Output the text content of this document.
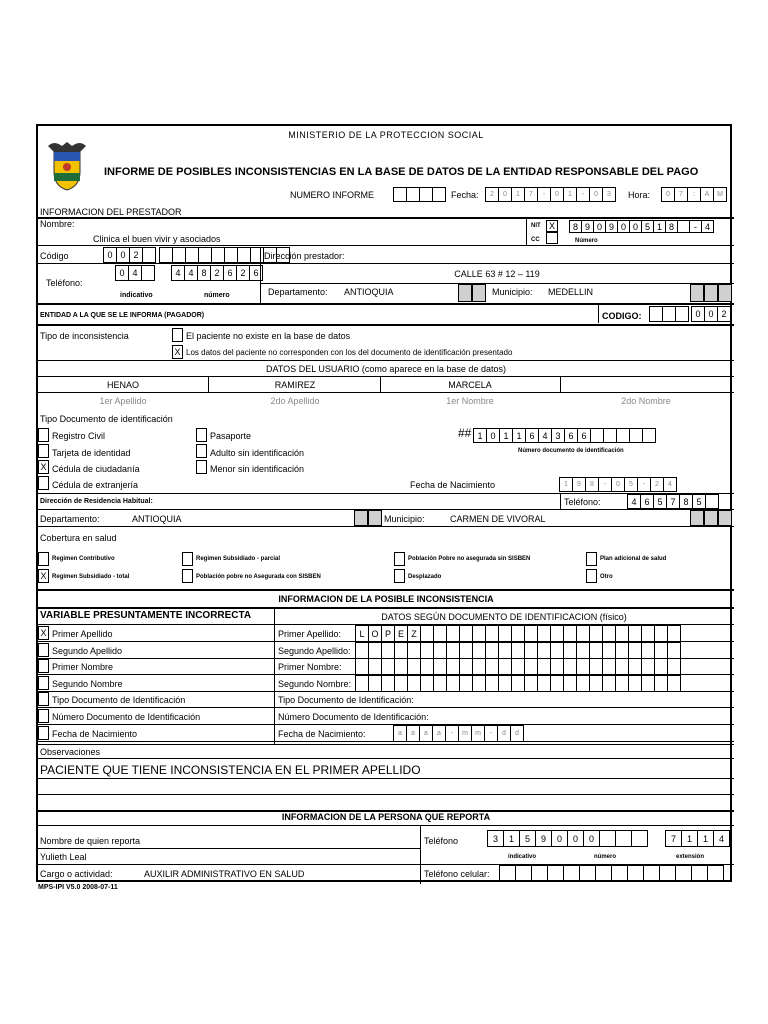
MINISTERIO DE LA PROTECCION SOCIAL
INFORME DE POSIBLES INCONSISTENCIAS EN LA BASE DE DATOS DE LA ENTIDAD RESPONSABLE DEL PAGO
NUMERO INFORME	Fecha:	2	0	1	7	-	0	1	-	0	3	Hora:	0	7	:	A	M
INFORMACION DEL PRESTADOR
Nombre:
Clinica el buen vivir y asociados
NIT
CC
X	8 9 0 9 0 0 5 1 8	- 4
Número
Código	0 0 2	Dirección prestador:
Teléfono:
0 4	4 4 8 2 6 2 6
indicativo	número
CALLE 63 # 12 – 119
Departamento: ANTIOQUIA	Municipio: MEDELLIN
ENTIDAD A LA QUE SE LE INFORMA (PAGADOR)	CODIGO:	0 0 2
Tipo de inconsistencia	El paciente no existe en la base de datos
X Los datos del paciente no corresponden con los del documento de identificación presentado
DATOS DEL USUARIO (como aparece en la base de datos)
HENAO	RAMIREZ	MARCELA
1er Apellido	2do Apellido	1er Nombre	2do Nombre
Tipo Documento de identificación
Registro Civil	Pasaporte
Tarjeta de identidad	Adulto sin identificación
X Cédula de ciudadanía	Menor sin identificación
Cédula de extranjería
## 1 0 1 1 6 4 3 6 6
Número documento de identificación
Fecha de Nacimiento	1	9	8	-	0	5	-	2	4
Dirección de Residencia Habitual:	Teléfono:	4 6 5 7 8 5
Departamento:	ANTIOQUIA	Municipio:	CARMEN DE VIVORAL
Cobertura en salud
Regimen Contributivo	Regimen Subsidiado - parcial	Población Pobre no asegurada sin SISBEN	Plan adicional de salud
X Regimen Subsidiado - total	Población pobre no Asegurada con SISBEN	Desplazado	Otro
INFORMACION DE LA POSIBLE INCONSISTENCIA
VARIABLE PRESUNTAMENTE INCORRECTA	DATOS SEGÚN DOCUMENTO DE IDENTIFICACION (físico)
X Primer Apellido	Primer Apellido:	L O P E Z
Segundo Apellido	Segundo Apellido:
Primer Nombre	Primer Nombre:
Segundo Nombre	Segundo Nombre:
Tipo Documento de Identificación	Tipo Documento de Identificación:
Número Documento de Identificación	Número Documento de Identificación:
Fecha de Nacimiento	Fecha de Nacimiento:	a	a	a	a	-	m	m	-	d	d
Observaciones
PACIENTE QUE TIENE INCONSISTENCIA EN EL PRIMER APELLIDO
INFORMACION DE LA PERSONA QUE REPORTA
Nombre de quien reporta	Teléfono	3	1	5	9	0	0	0	7	1	1	4
Yulieth Leal	indicativo	número	extensión
Cargo o actividad:	AUXILIR ADMINISTRATIVO EN SALUD	Teléfono celular:
MPS-IPI V5.0 2008-07-11
